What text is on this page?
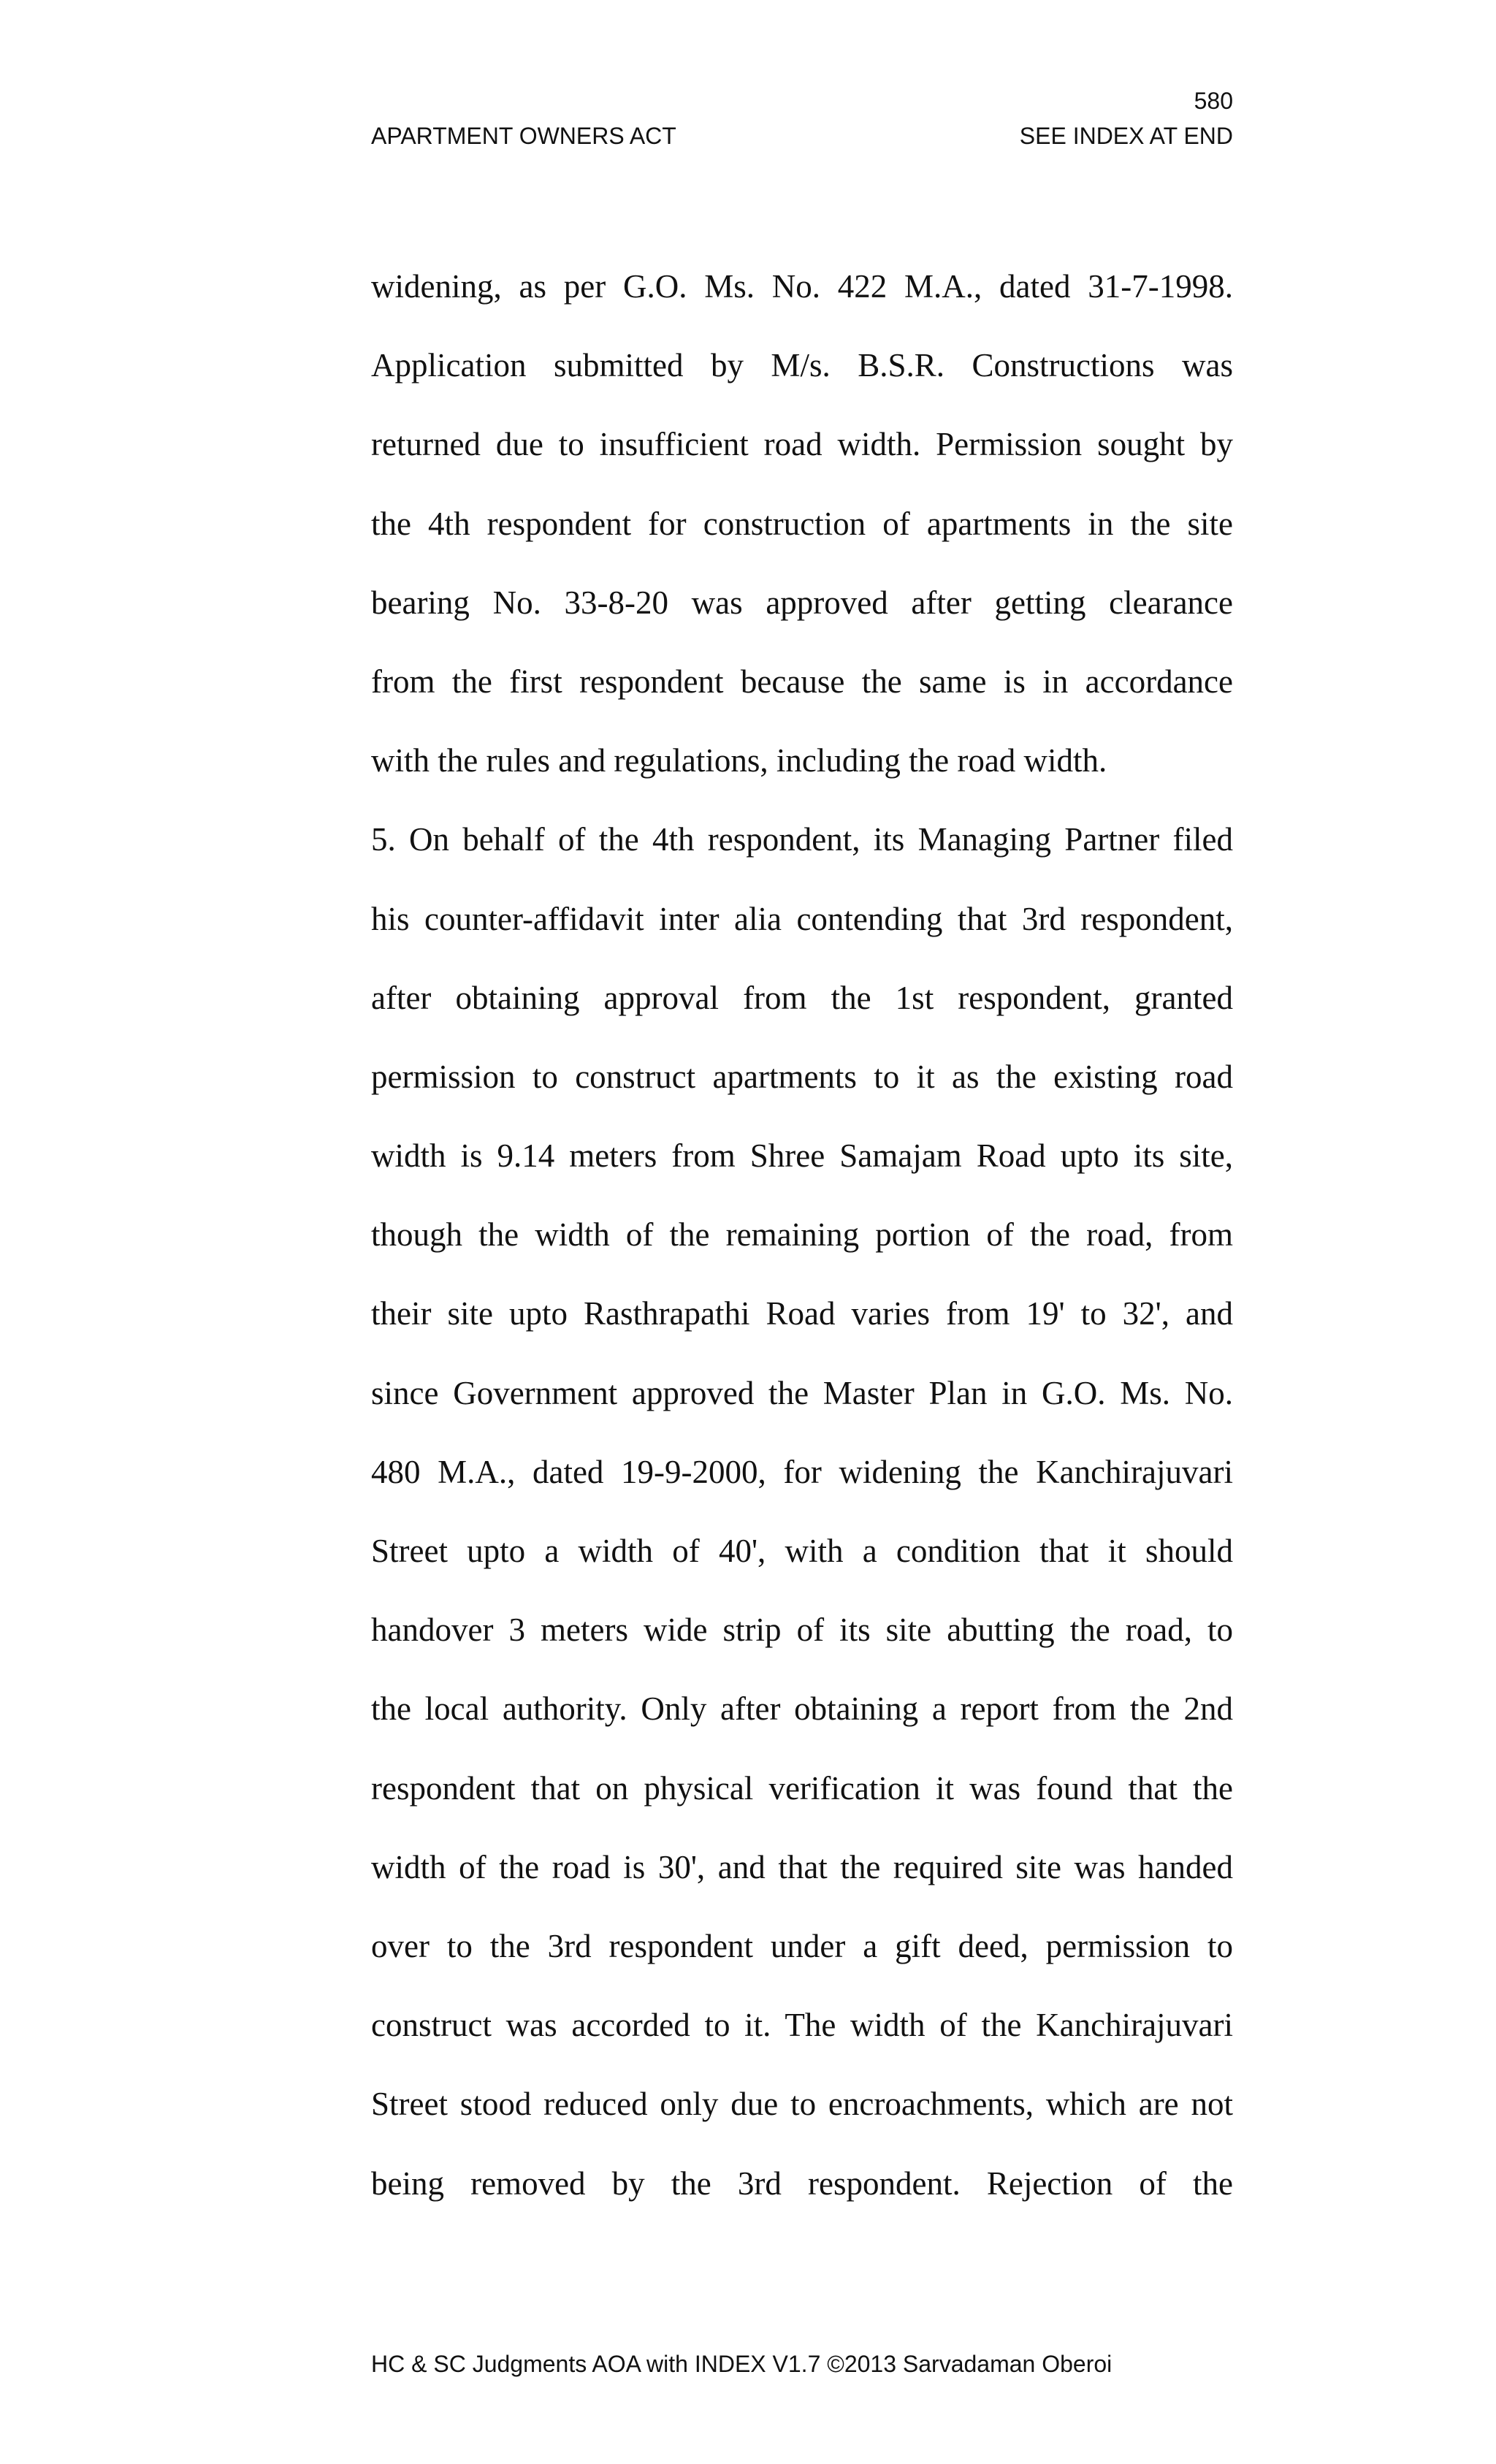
580
APARTMENT OWNERS ACT	SEE INDEX AT END
widening, as per G.O. Ms. No. 422 M.A., dated 31-7-1998.
Application submitted by M/s. B.S.R. Constructions was
returned due to insufficient road width. Permission sought by
the 4th respondent for construction of apartments in the site
bearing No. 33-8-20 was approved after getting clearance
from the first respondent because the same is in accordance
with the rules and regulations, including the road width.
5. On behalf of the 4th respondent, its Managing Partner filed
his counter-affidavit inter alia contending that 3rd respondent,
after obtaining approval from the 1st respondent, granted
permission to construct apartments to it as the existing road
width is 9.14 meters from Shree Samajam Road upto its site,
though the width of the remaining portion of the road, from
their site upto Rasthrapathi Road varies from 19' to 32', and
since Government approved the Master Plan in G.O. Ms. No.
480 M.A., dated 19-9-2000, for widening the Kanchirajuvari
Street upto a width of 40', with a condition that it should
handover 3 meters wide strip of its site abutting the road, to
the local authority. Only after obtaining a report from the 2nd
respondent that on physical verification it was found that the
width of the road is 30', and that the required site was handed
over to the 3rd respondent under a gift deed, permission to
construct was accorded to it. The width of the Kanchirajuvari
Street stood reduced only due to encroachments, which are not
being removed by the 3rd respondent. Rejection of the
HC & SC Judgments AOA with INDEX V1.7 ©2013 Sarvadaman Oberoi
